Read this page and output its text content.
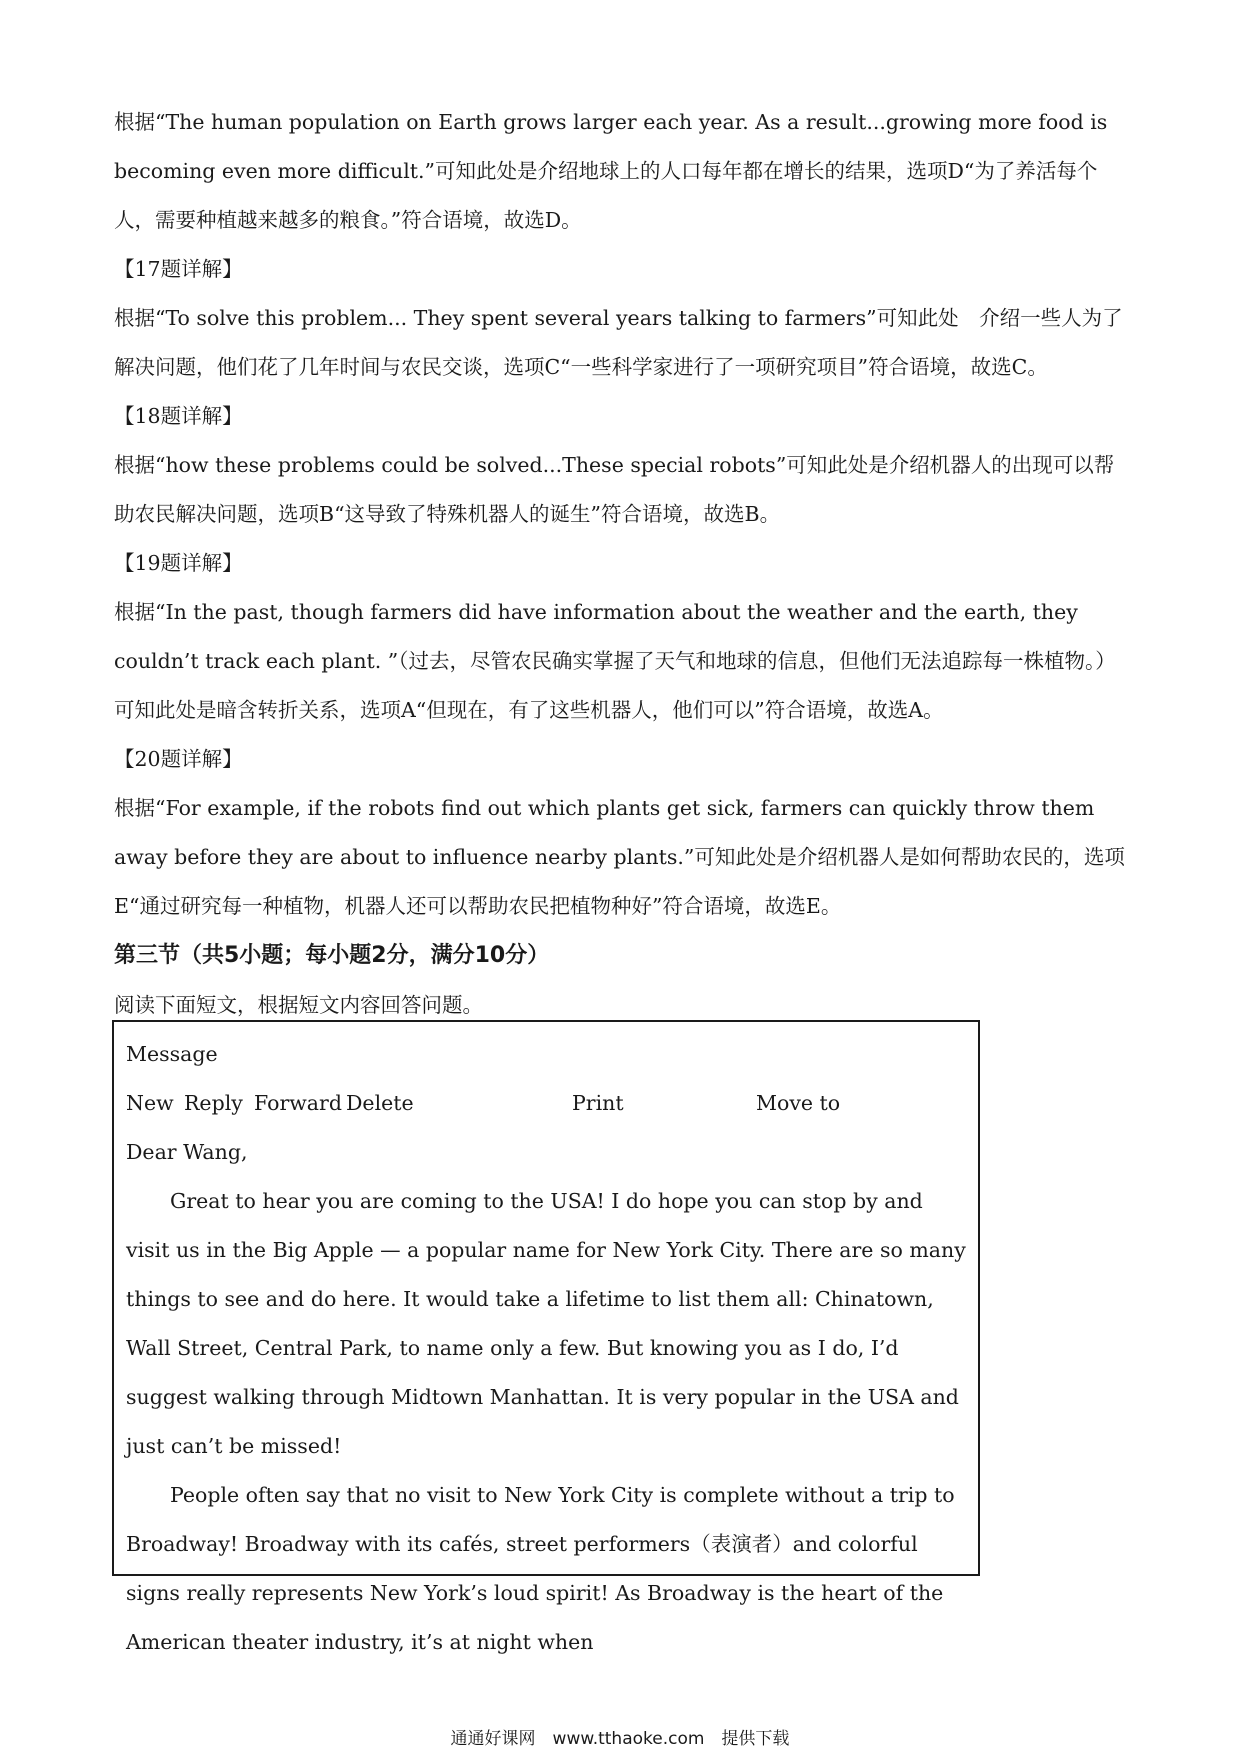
根据“The human population on Earth grows larger each year. As a result...growing more food is becoming even more difficult.”可知此处是介绍地球上的人口每年都在增长的结果，选项D“为了养活每个人，需要种植越来越多的粮食。”符合语境，故选D。

【17题详解】

根据“To solve this problem... They spent several years talking to farmers”可知此处　介绍一些人为了解决问题，他们花了几年时间与农民交谈，选项C“一些科学家进行了一项研究项目”符合语境，故选C。

【18题详解】

根据“how these problems could be solved...These special robots”可知此处是介绍机器人的出现可以帮助农民解决问题，选项B“这导致了特殊机器人的诞生”符合语境，故选B。

【19题详解】

根据“In the past, though farmers did have information about the weather and the earth, they couldn’t track each plant. ”（过去，尽管农民确实掌握了天气和地球的信息，但他们无法追踪每一株植物。）可知此处是暗含转折关系，选项A“但现在，有了这些机器人，他们可以”符合语境，故选A。

【20题详解】

根据“For example, if the robots find out which plants get sick, farmers can quickly throw them away before they are about to influence nearby plants.”可知此处是介绍机器人是如何帮助农民的，选项E“通过研究每一种植物，机器人还可以帮助农民把植物种好”符合语境，故选E。

第三节（共5小题；每小题2分，满分10分）

阅读下面短文，根据短文内容回答问题。

Message

New Reply Forward Delete	Print	Move to

Dear Wang,

Great to hear you are coming to the USA! I do hope you can stop by and visit us in the Big Apple — a popular name for New York City. There are so many things to see and do here. It would take a lifetime to list them all: Chinatown, Wall Street, Central Park, to name only a few. But knowing you as I do, I’d suggest walking through Midtown Manhattan. It is very popular in the USA and just can’t be missed!

People often say that no visit to New York City is complete without a trip to Broadway! Broadway with its cafés, street performers（表演者）and colorful signs really represents New York’s loud spirit! As Broadway is the heart of the American theater industry, it’s at night when

通通好课网　www.tthaoke.com　提供下载
